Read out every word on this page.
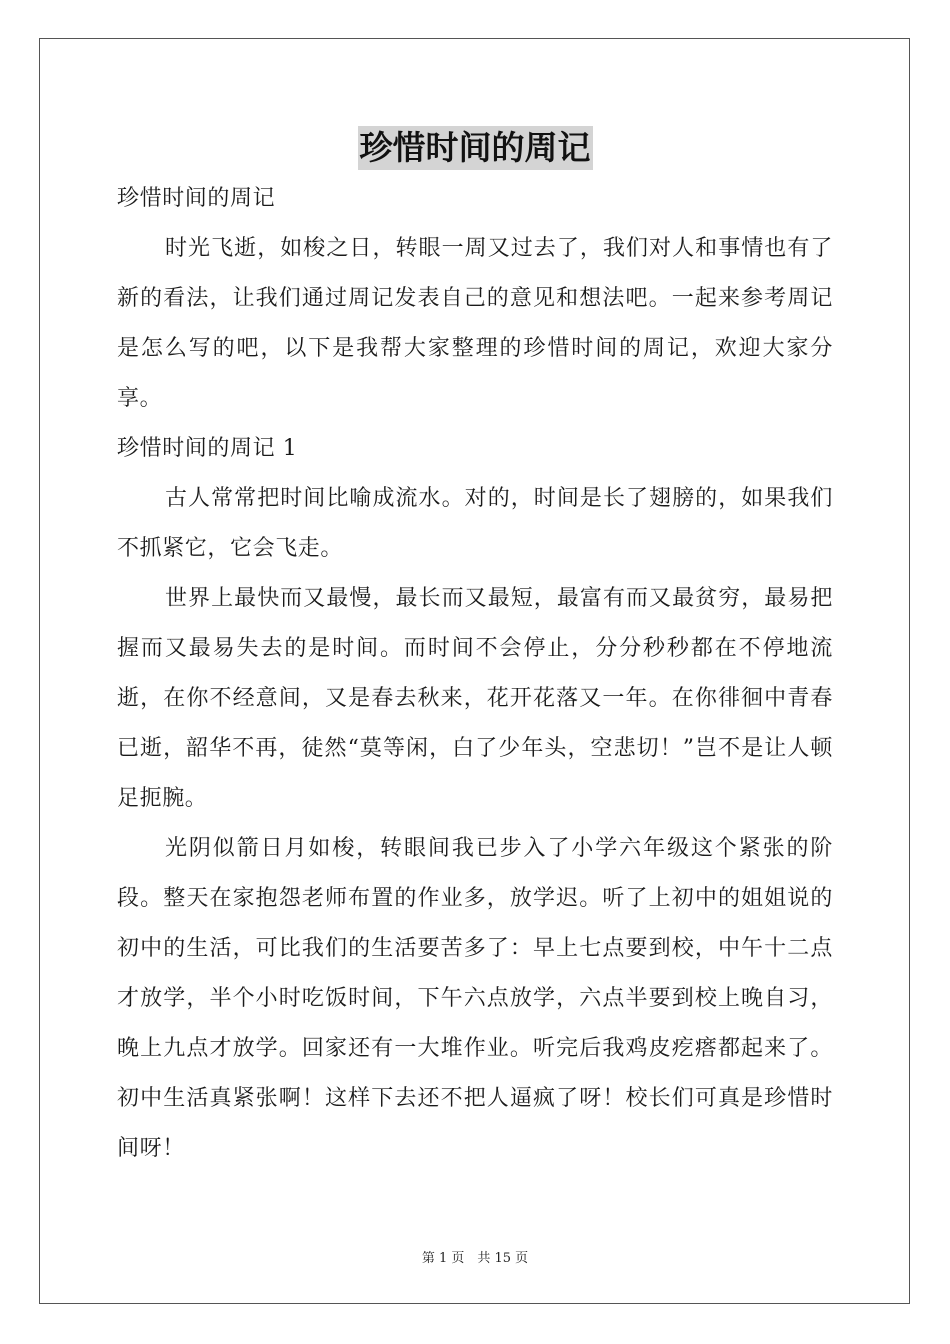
珍惜时间的周记

珍惜时间的周记

时光飞逝，如梭之日，转眼一周又过去了，我们对人和事情也有了新的看法，让我们通过周记发表自己的意见和想法吧。一起来参考周记是怎么写的吧，以下是我帮大家整理的珍惜时间的周记，欢迎大家分享。

珍惜时间的周记 1

古人常常把时间比喻成流水。对的，时间是长了翅膀的，如果我们不抓紧它，它会飞走。

世界上最快而又最慢，最长而又最短，最富有而又最贫穷，最易把握而又最易失去的是时间。而时间不会停止，分分秒秒都在不停地流逝，在你不经意间，又是春去秋来，花开花落又一年。在你徘徊中青春已逝，韶华不再，徒然“莫等闲，白了少年头，空悲切！”岂不是让人顿足扼腕。

光阴似箭日月如梭，转眼间我已步入了小学六年级这个紧张的阶段。整天在家抱怨老师布置的作业多，放学迟。听了上初中的姐姐说的初中的生活，可比我们的生活要苦多了：早上七点要到校，中午十二点才放学，半个小时吃饭时间，下午六点放学，六点半要到校上晚自习，晚上九点才放学。回家还有一大堆作业。听完后我鸡皮疙瘩都起来了。初中生活真紧张啊！这样下去还不把人逼疯了呀！校长们可真是珍惜时间呀！

第 1 页　共 15 页
